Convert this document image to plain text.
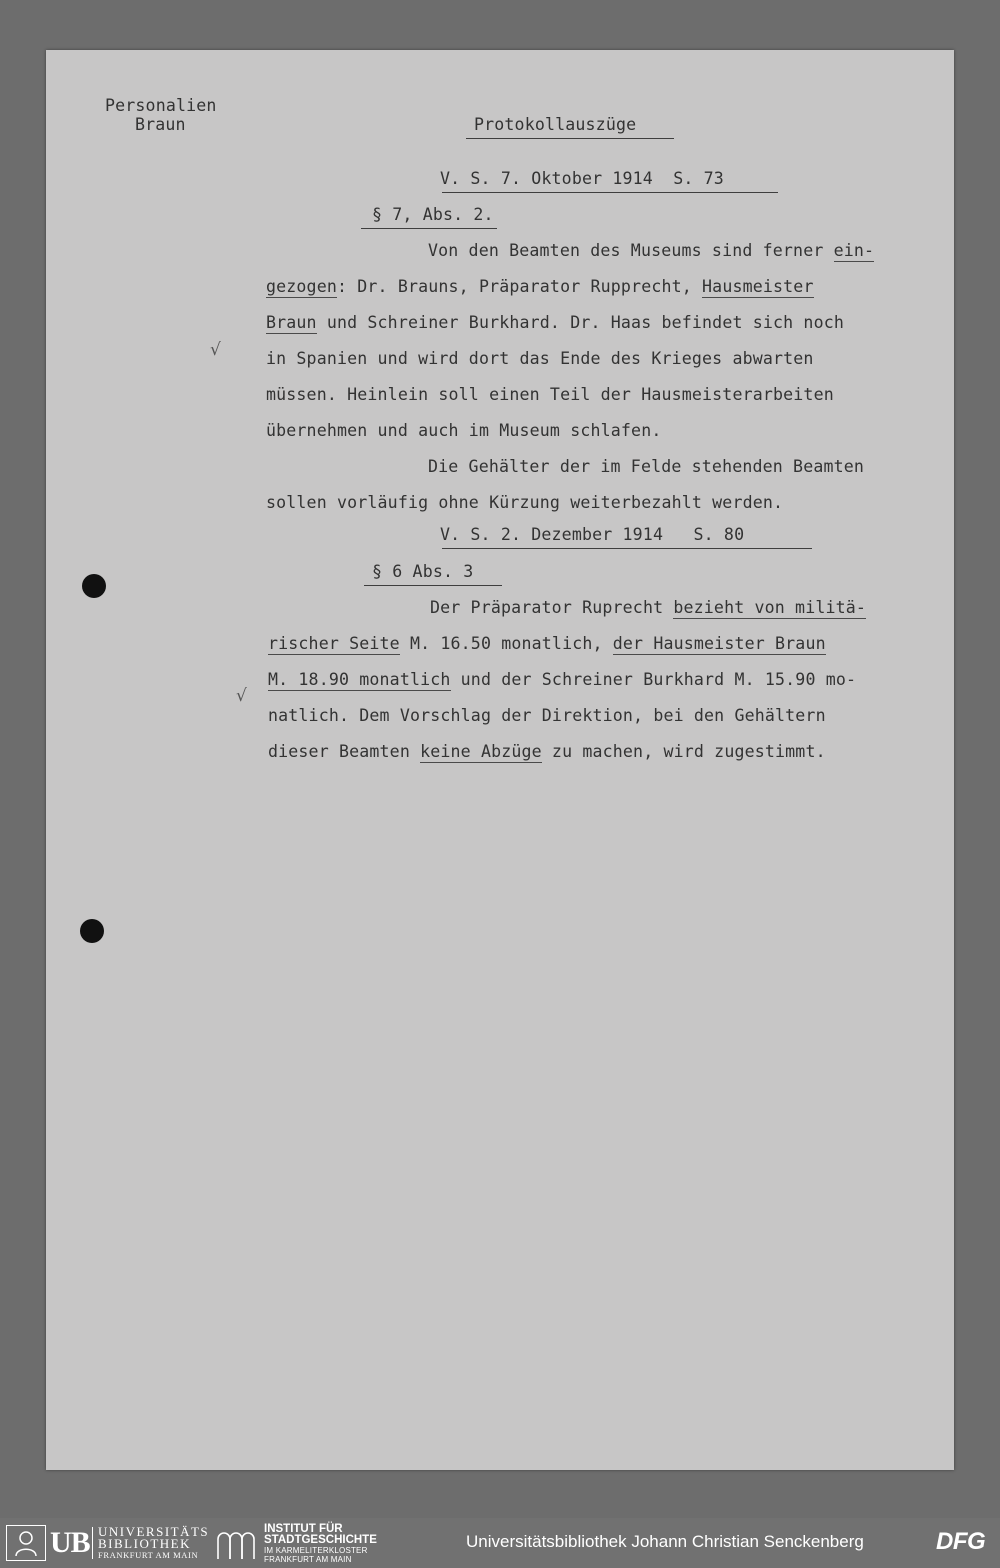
Personalien
Braun	Protokollauszüge
V. S. 7. Oktober 1914  S. 73
§ 7, Abs. 2.
Von den Beamten des Museums sind ferner ein-
gezogen: Dr. Brauns, Präparator Rupprecht, Hausmeister
Braun und Schreiner Burkhard. Dr. Haas befindet sich noch
in Spanien und wird dort das Ende des Krieges abwarten
müssen. Heinlein soll einen Teil der Hausmeisterarbeiten
übernehmen und auch im Museum schlafen.
Die Gehälter der im Felde stehenden Beamten
sollen vorläufig ohne Kürzung weiterbezahlt werden.
√
V. S. 2. Dezember 1914   S. 80
§ 6 Abs. 3
Der Präparator Ruprecht bezieht von militä-
rischer Seite M. 16.50 monatlich, der Hausmeister Braun
M. 18.90 monatlich und der Schreiner Burkhard M. 15.90 mo-
natlich. Dem Vorschlag der Direktion, bei den Gehältern
dieser Beamten keine Abzüge zu machen, wird zugestimmt.
√
UB UNIVERSITÄTS
BIBLIOTHEK
FRANKFURT AM MAIN
INSTITUT FÜR
STADTGESCHICHTE
IM KARMELITERKLOSTER
FRANKFURT AM MAIN
Universitätsbibliothek Johann Christian Senckenberg	DFG
